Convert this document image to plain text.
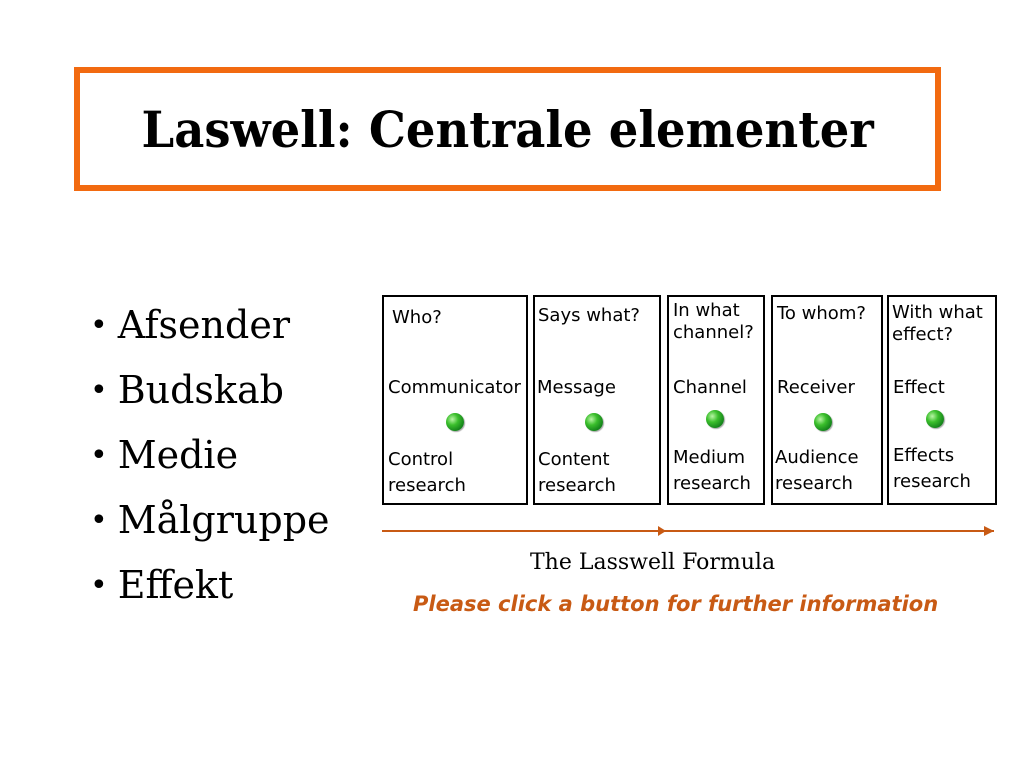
Laswell: Centrale elementer
• Afsender
• Budskab
• Medie
• Målgruppe
• Effekt
Who?
Communicator
Control
research
Says what?
Message
Content
research
In what
channel?
Channel
Medium
research
To whom?
Receiver
Audience
research
With what
effect?
Effect
Effects
research
The Lasswell Formula
Please click a button for further information
